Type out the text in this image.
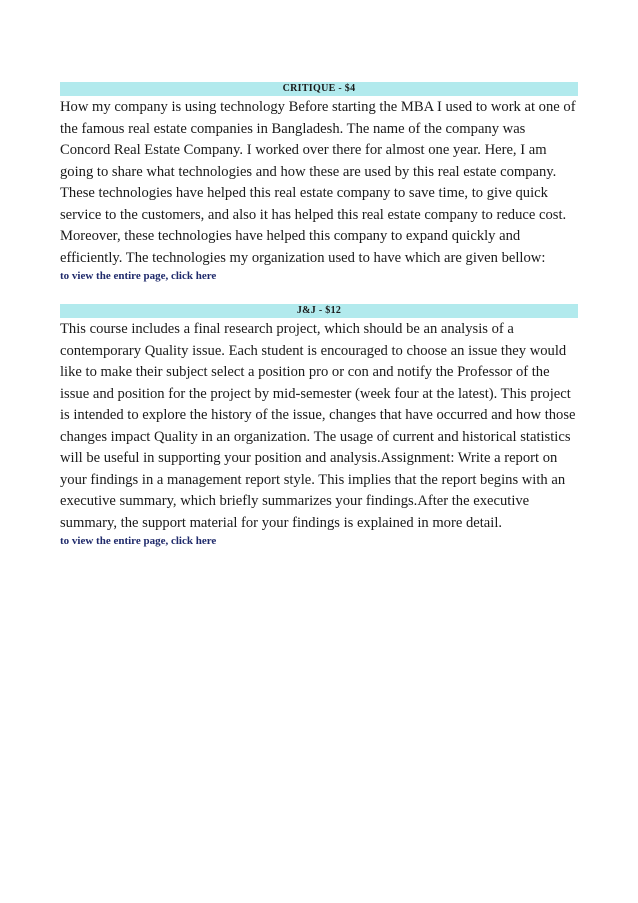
CRITIQUE - $4

How my company is using technology Before starting the MBA I used to work at one of the famous real estate companies in Bangladesh. The name of the company was Concord Real Estate Company. I worked over there for almost one year. Here, I am going to share what technologies and how these are used by this real estate company. These technologies have helped this real estate company to save time, to give quick service to the customers, and also it has helped this real estate company to reduce cost. Moreover, these technologies have helped this company to expand quickly and efficiently. The technologies my organization used to have which are given bellow:

to view the entire page, click here
J&J - $12

This course includes a final research project, which should be an analysis of a contemporary Quality issue. Each student is encouraged to choose an issue they would like to make their subject select a position pro or con and notify the Professor of the issue and position for the project by mid-semester (week four at the latest). This project is intended to explore the history of the issue, changes that have occurred and how those changes impact Quality in an organization. The usage of current and historical statistics will be useful in supporting your position and analysis.Assignment: Write a report on your findings in a management report style. This implies that the report begins with an executive summary, which briefly summarizes your findings.After the executive summary, the support material for your findings is explained in more detail.

to view the entire page, click here
